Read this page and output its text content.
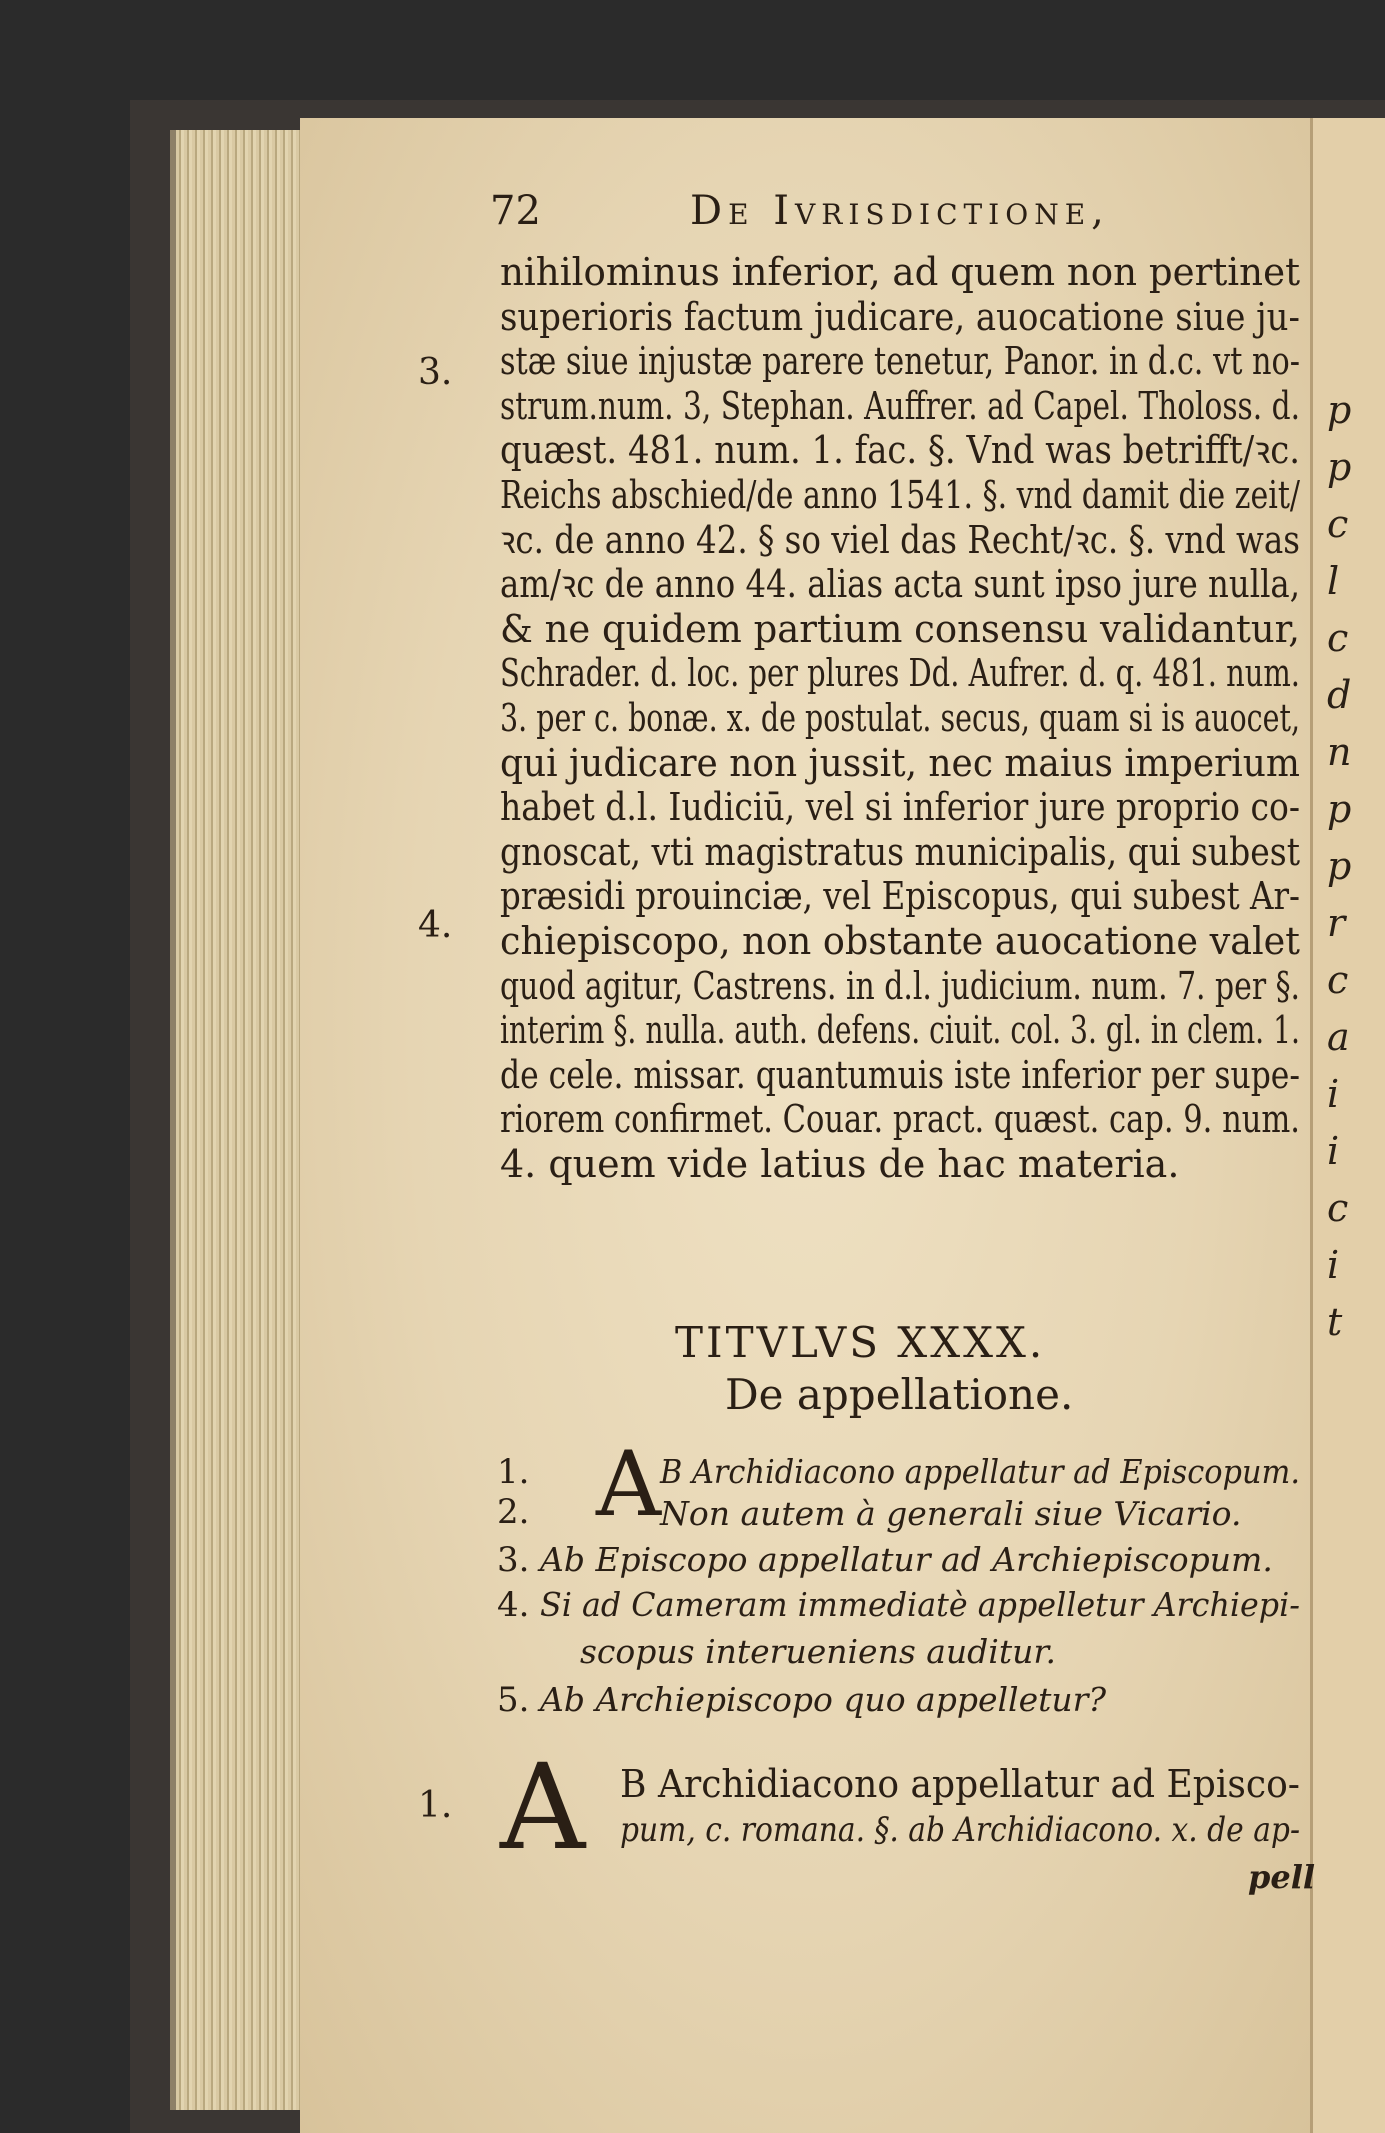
p
p
c
l
c
d
n
p
p
r
c
a
i
i
c
i
t
72	De Ivrisdictione,
nihilominus inferior, ad quem non pertinet
superioris factum judicare, auocatione siue ju-
stæ siue injustæ parere tenetur, Panor. in d.c. vt no-
strum.num. 3, Stephan. Auffrer. ad Capel. Tholoss. d.
quæst. 481. num. 1. fac. §. Vnd was betrifft/ꝛc.
Reichs abschied/de anno 1541. §. vnd damit die zeit/
ꝛc. de anno 42. § so viel das Recht/ꝛc. §. vnd was
am/ꝛc de anno 44. alias acta sunt ipso jure nulla,
& ne quidem partium consensu validantur,
Schrader. d. loc. per plures Dd. Aufrer. d. q. 481. num.
3. per c. bonæ. x. de postulat. secus, quam si is auocet,
qui judicare non jussit, nec maius imperium
habet d.l. Iudiciū, vel si inferior jure proprio co-
gnoscat, vti magistratus municipalis, qui subest
præsidi prouinciæ, vel Episcopus, qui subest Ar-
chiepiscopo, non obstante auocatione valet
quod agitur, Castrens. in d.l. judicium. num. 7. per §.
interim §. nulla. auth. defens. ciuit. col. 3. gl. in clem. 1.
de cele. missar. quantumuis iste inferior per supe-
riorem confirmet. Couar. pract. quæst. cap. 9. num.
4. quem vide latius de hac materia.
3.
4.
TITVLVS XXXX.
De appellatione.
A
1.
2.
3.
4.
5.
B Archidiacono appellatur ad Episcopum.
Non autem à generali siue Vicario.
Ab Episcopo appellatur ad Archiepiscopum.
Si ad Cameram immediatè appelletur Archiepi-
scopus interueniens auditur.
Ab Archiepiscopo quo appelletur?
1. A B Archidiacono appellatur ad Episco-
pum, c. romana. §. ab Archidiacono. x. de ap-
pell
